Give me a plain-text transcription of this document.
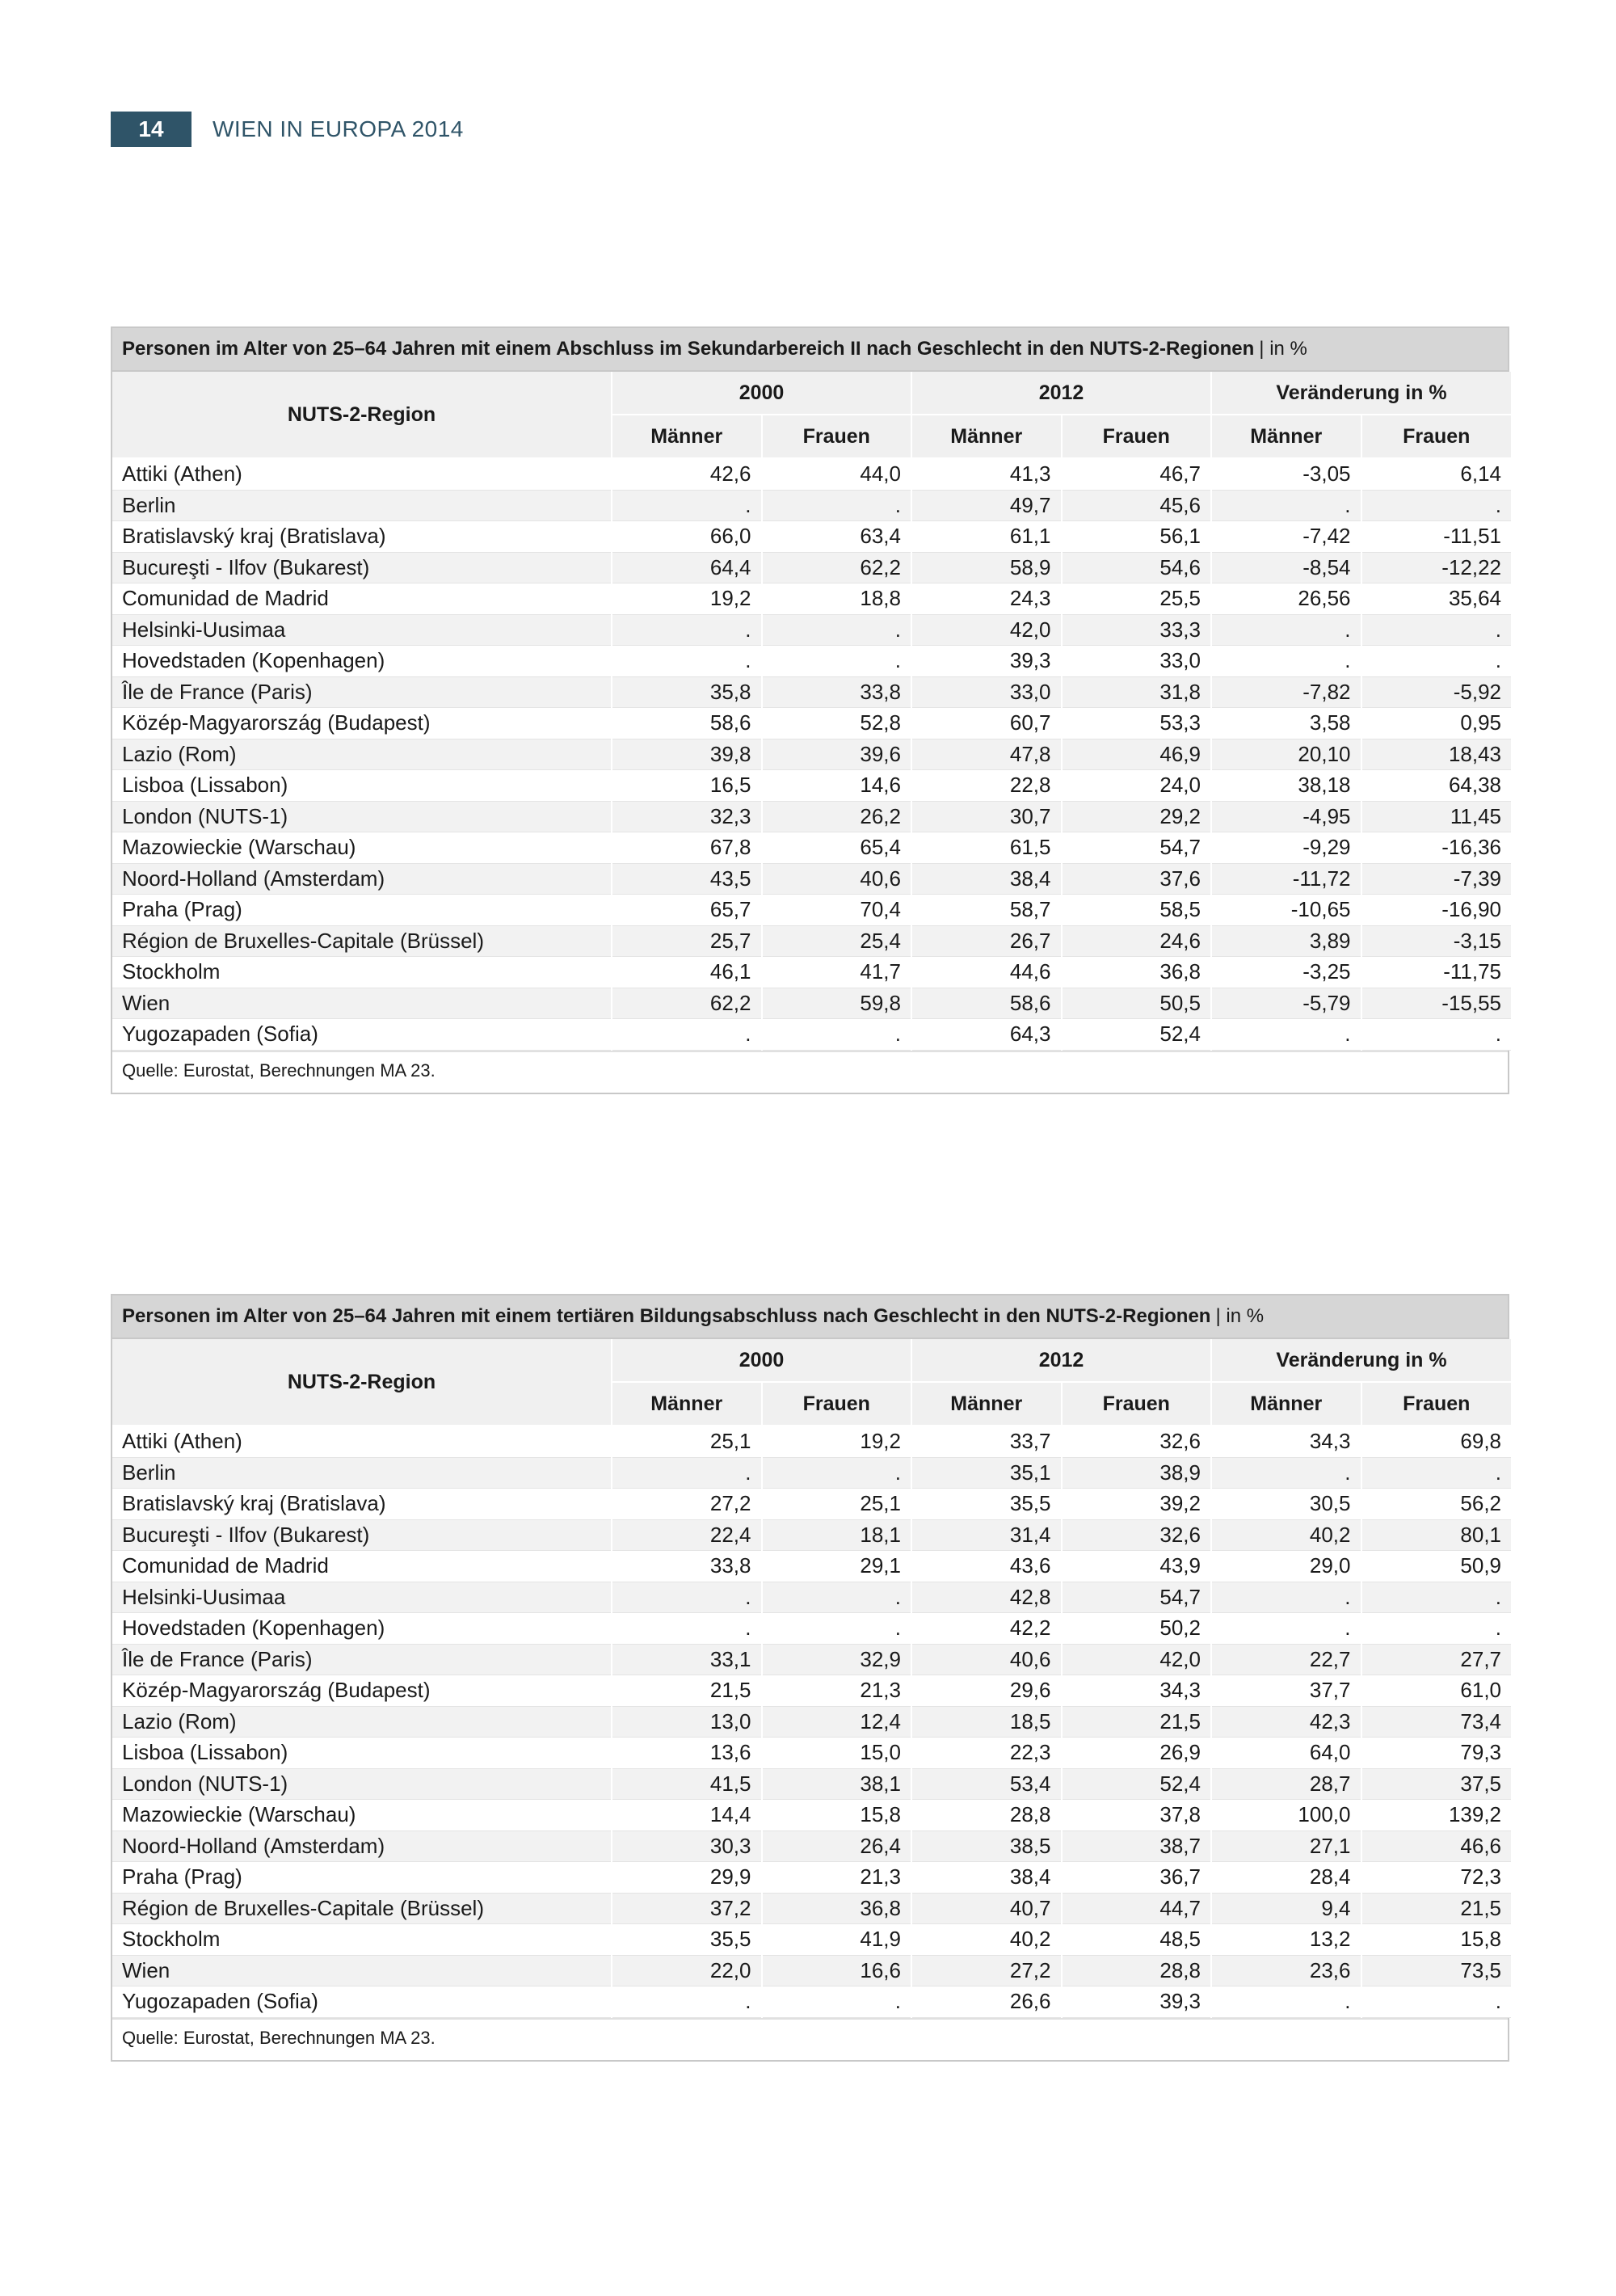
14	WIEN IN EUROPA 2014
Personen im Alter von 25–64 Jahren mit einem Abschluss im Sekundarbereich II nach Geschlecht in den NUTS-2-Regionen | in %
NUTS-2-Region	2000		2012		Veränderung in %	
	Männer	Frauen	Männer	Frauen	Männer	Frauen
Attiki (Athen)	42,6	44,0	41,3	46,7	-3,05	6,14
Berlin	.	.	49,7	45,6	.	.
Bratislavský kraj (Bratislava)	66,0	63,4	61,1	56,1	-7,42	-11,51
Bucureşti - Ilfov (Bukarest)	64,4	62,2	58,9	54,6	-8,54	-12,22
Comunidad de Madrid	19,2	18,8	24,3	25,5	26,56	35,64
Helsinki-Uusimaa	.	.	42,0	33,3	.	.
Hovedstaden (Kopenhagen)	.	.	39,3	33,0	.	.
Île de France (Paris)	35,8	33,8	33,0	31,8	-7,82	-5,92
Közép-Magyarország (Budapest)	58,6	52,8	60,7	53,3	3,58	0,95
Lazio (Rom)	39,8	39,6	47,8	46,9	20,10	18,43
Lisboa (Lissabon)	16,5	14,6	22,8	24,0	38,18	64,38
London (NUTS-1)	32,3	26,2	30,7	29,2	-4,95	11,45
Mazowieckie (Warschau)	67,8	65,4	61,5	54,7	-9,29	-16,36
Noord-Holland (Amsterdam)	43,5	40,6	38,4	37,6	-11,72	-7,39
Praha (Prag)	65,7	70,4	58,7	58,5	-10,65	-16,90
Région de Bruxelles-Capitale (Brüssel)	25,7	25,4	26,7	24,6	3,89	-3,15
Stockholm	46,1	41,7	44,6	36,8	-3,25	-11,75
Wien	62,2	59,8	58,6	50,5	-5,79	-15,55
Yugozapaden (Sofia)	.	.	64,3	52,4	.	.
Quelle: Eurostat, Berechnungen MA 23.
Personen im Alter von 25–64 Jahren mit einem tertiären Bildungsabschluss nach Geschlecht in den NUTS-2-Regionen | in %
NUTS-2-Region	2000		2012		Veränderung in %	
	Männer	Frauen	Männer	Frauen	Männer	Frauen
Attiki (Athen)	25,1	19,2	33,7	32,6	34,3	69,8
Berlin	.	.	35,1	38,9	.	.
Bratislavský kraj (Bratislava)	27,2	25,1	35,5	39,2	30,5	56,2
Bucureşti - Ilfov (Bukarest)	22,4	18,1	31,4	32,6	40,2	80,1
Comunidad de Madrid	33,8	29,1	43,6	43,9	29,0	50,9
Helsinki-Uusimaa	.	.	42,8	54,7	.	.
Hovedstaden (Kopenhagen)	.	.	42,2	50,2	.	.
Île de France (Paris)	33,1	32,9	40,6	42,0	22,7	27,7
Közép-Magyarország (Budapest)	21,5	21,3	29,6	34,3	37,7	61,0
Lazio (Rom)	13,0	12,4	18,5	21,5	42,3	73,4
Lisboa (Lissabon)	13,6	15,0	22,3	26,9	64,0	79,3
London (NUTS-1)	41,5	38,1	53,4	52,4	28,7	37,5
Mazowieckie (Warschau)	14,4	15,8	28,8	37,8	100,0	139,2
Noord-Holland (Amsterdam)	30,3	26,4	38,5	38,7	27,1	46,6
Praha (Prag)	29,9	21,3	38,4	36,7	28,4	72,3
Région de Bruxelles-Capitale (Brüssel)	37,2	36,8	40,7	44,7	9,4	21,5
Stockholm	35,5	41,9	40,2	48,5	13,2	15,8
Wien	22,0	16,6	27,2	28,8	23,6	73,5
Yugozapaden (Sofia)	.	.	26,6	39,3	.	.
Quelle: Eurostat, Berechnungen MA 23.
